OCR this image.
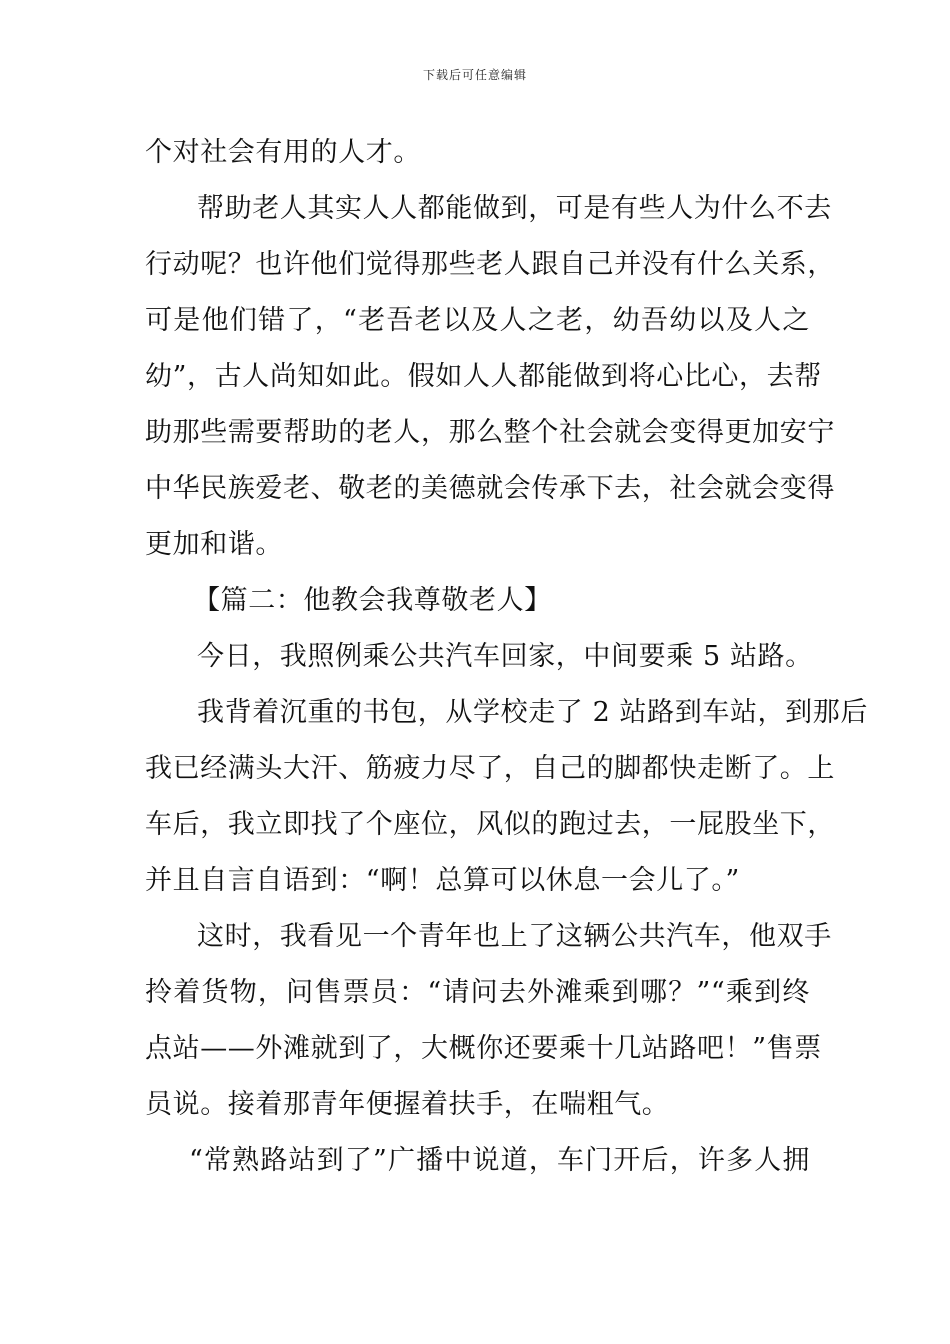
下载后可任意编辑
个对社会有用的人才。
帮助老人其实人人都能做到，可是有些人为什么不去
行动呢？也许他们觉得那些老人跟自己并没有什么关系，
可是他们错了，“老吾老以及人之老，幼吾幼以及人之
幼”，古人尚知如此。假如人人都能做到将心比心，去帮
助那些需要帮助的老人，那么整个社会就会变得更加安宁
中华民族爱老、敬老的美德就会传承下去，社会就会变得
更加和谐。
【篇二：他教会我尊敬老人】
今日，我照例乘公共汽车回家，中间要乘 5 站路。
我背着沉重的书包，从学校走了 2 站路到车站，到那后
我已经满头大汗、筋疲力尽了，自己的脚都快走断了。上
车后，我立即找了个座位，风似的跑过去，一屁股坐下，
并且自言自语到：“啊！总算可以休息一会儿了。”
这时，我看见一个青年也上了这辆公共汽车，他双手
拎着货物，问售票员：“请问去外滩乘到哪？”“乘到终
点站——外滩就到了，大概你还要乘十几站路吧！”售票
员说。接着那青年便握着扶手，在喘粗气。
“常熟路站到了”广播中说道，车门开后，许多人拥
